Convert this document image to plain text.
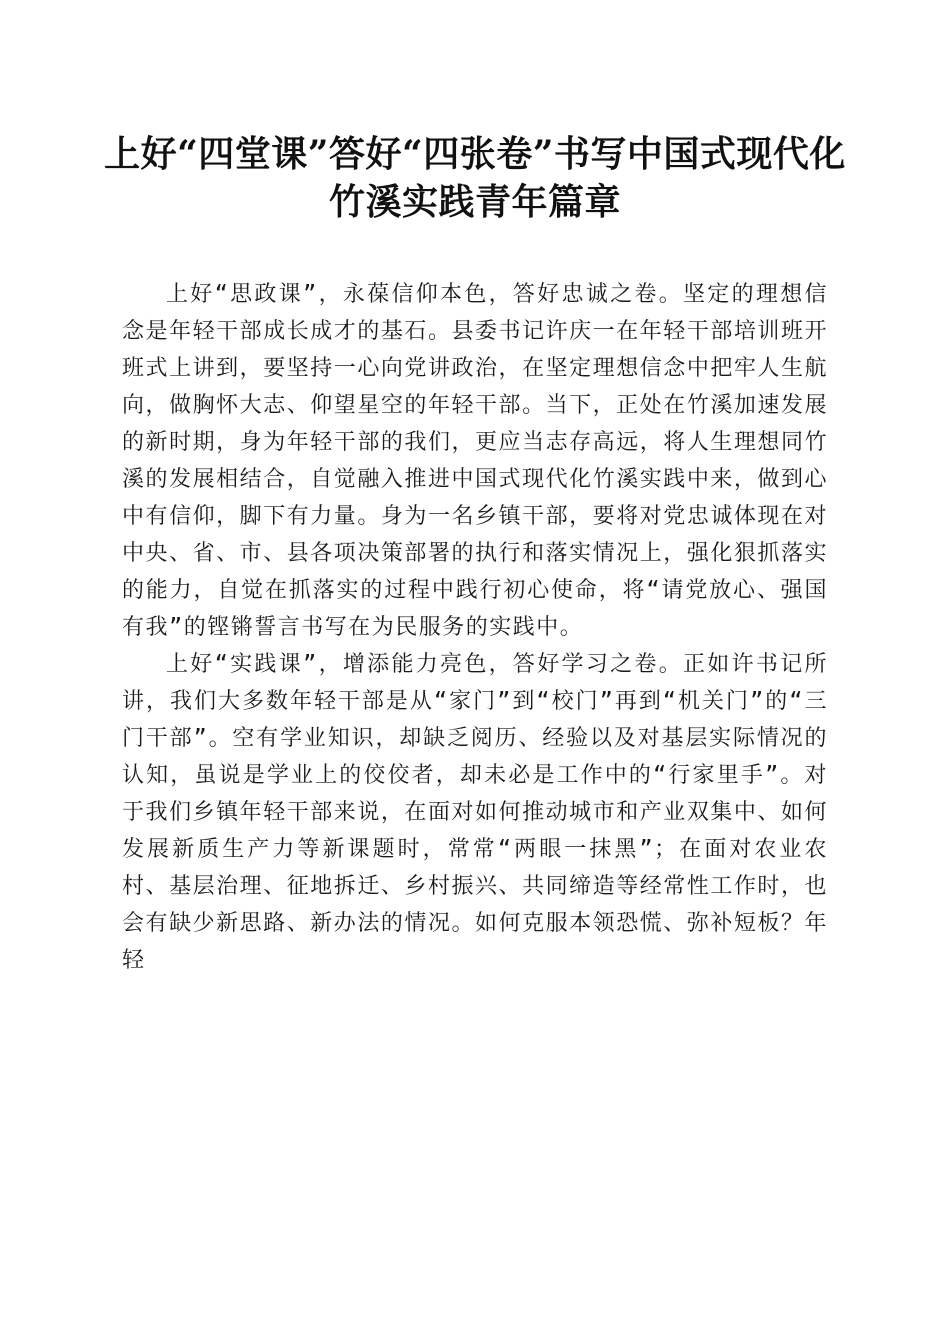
上好“四堂课”答好“四张卷”书写中国式现代化竹溪实践青年篇章

上好“思政课”，永葆信仰本色，答好忠诚之卷。坚定的理想信念是年轻干部成长成才的基石。县委书记许庆一在年轻干部培训班开班式上讲到，要坚持一心向党讲政治，在坚定理想信念中把牢人生航向，做胸怀大志、仰望星空的年轻干部。当下，正处在竹溪加速发展的新时期，身为年轻干部的我们，更应当志存高远，将人生理想同竹溪的发展相结合，自觉融入推进中国式现代化竹溪实践中来，做到心中有信仰，脚下有力量。身为一名乡镇干部，要将对党忠诚体现在对中央、省、市、县各项决策部署的执行和落实情况上，强化狠抓落实的能力，自觉在抓落实的过程中践行初心使命，将“请党放心、强国有我”的铿锵誓言书写在为民服务的实践中。

上好“实践课”，增添能力亮色，答好学习之卷。正如许书记所讲，我们大多数年轻干部是从“家门”到“校门”再到“机关门”的“三门干部”。空有学业知识，却缺乏阅历、经验以及对基层实际情况的认知，虽说是学业上的佼佼者，却未必是工作中的“行家里手”。对于我们乡镇年轻干部来说，在面对如何推动城市和产业双集中、如何发展新质生产力等新课题时，常常“两眼一抹黑”；在面对农业农村、基层治理、征地拆迁、乡村振兴、共同缔造等经常性工作时，也会有缺少新思路、新办法的情况。如何克服本领恐慌、弥补短板？年轻
